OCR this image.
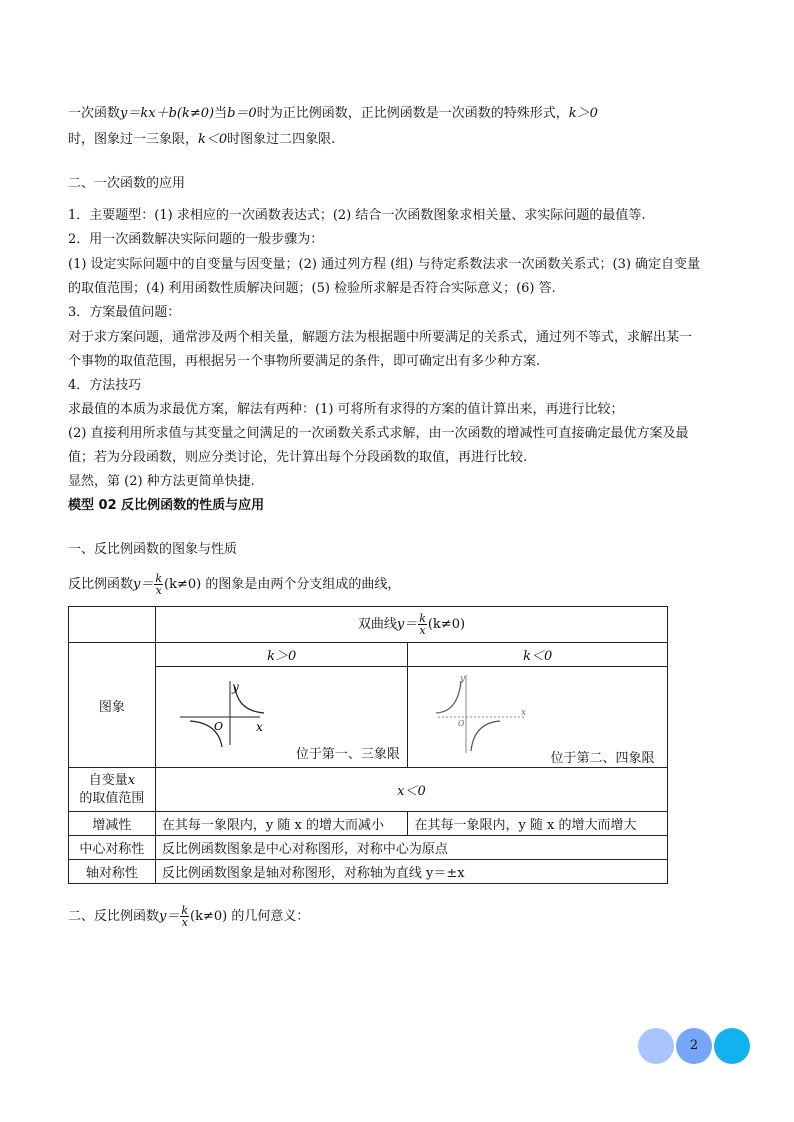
一次函数y＝kx＋b(k≠0)当b＝0时为正比例函数，正比例函数是一次函数的特殊形式，k＞0
时，图象过一三象限，k＜0时图象过二四象限.
二、一次函数的应用
1．主要题型：(1) 求相应的一次函数表达式；(2) 结合一次函数图象求相关量、求实际问题的最值等.
2．用一次函数解决实际问题的一般步骤为：
(1) 设定实际问题中的自变量与因变量；(2) 通过列方程 (组) 与待定系数法求一次函数关系式；(3) 确定自变量
的取值范围；(4) 利用函数性质解决问题；(5) 检验所求解是否符合实际意义；(6) 答.
3．方案最值问题：
对于求方案问题，通常涉及两个相关量，解题方法为根据题中所要满足的关系式，通过列不等式，求解出某一
个事物的取值范围，再根据另一个事物所要满足的条件，即可确定出有多少种方案.
4．方法技巧
求最值的本质为求最优方案，解法有两种：(1) 可将所有求得的方案的值计算出来，再进行比较；
(2) 直接利用所求值与其变量之间满足的一次函数关系式求解，由一次函数的增减性可直接确定最优方案及最
值；若为分段函数，则应分类讨论，先计算出每个分段函数的取值，再进行比较.
显然，第 (2) 种方法更简单快捷.
模型 02 反比例函数的性质与应用
一、反比例函数的图象与性质
反比例函数$y= \frac{k}{x} (k\ne 0)$ 的图象是由两个分支组成的曲线，
	双曲线$y= \frac{k}{x} (k\ne 0)$	
图象	k＞0	k＜0

x
y
O
位于第一、三象限	x
y
O
位于第二、四象限

自变量x
的取值范围	x＜0	
增减性	在其每一象限内，y 随 x 的增大而减小	在其每一象限内，y 随 x 的增大而增大
中心对称性	反比例函数图象是中心对称图形，对称中心为原点	
轴对称性	反比例函数图象是轴对称图形，对称轴为直线 y＝±x	
二、反比例函数$y= \frac{k}{x} (k\ne 0)$ 的几何意义：
2
